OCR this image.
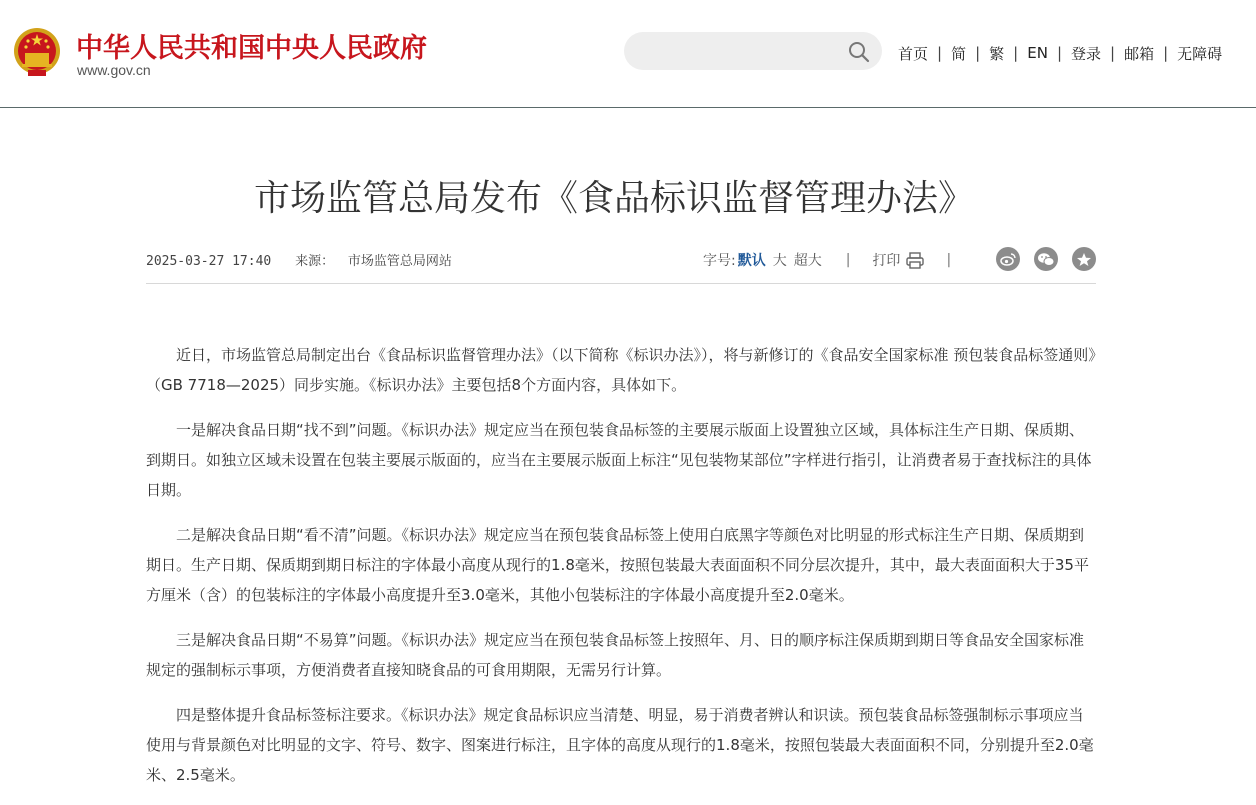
中华人民共和国中央人民政府
www.gov.cn
首页 | 简 | 繁 | EN | 登录 | 邮箱 | 无障碍
市场监管总局发布《食品标识监督管理办法》
2025-03-27 17:40 来源： 市场监管总局网站	字号: 默认 大 超大 | 打印	|

近日，市场监管总局制定出台《食品标识监督管理办法》（以下简称《标识办法》），将与新修订的《食品安全国家标准 预包装食品标签通则》（GB 7718—2025）同步实施。《标识办法》主要包括8个方面内容，具体如下。

一是解决食品日期“找不到”问题。《标识办法》规定应当在预包装食品标签的主要展示版面上设置独立区域，具体标注生产日期、保质期、到期日。如独立区域未设置在包装主要展示版面的，应当在主要展示版面上标注“见包装物某部位”字样进行指引，让消费者易于查找标注的具体日期。

二是解决食品日期“看不清”问题。《标识办法》规定应当在预包装食品标签上使用白底黑字等颜色对比明显的形式标注生产日期、保质期到期日。生产日期、保质期到期日标注的字体最小高度从现行的1.8毫米，按照包装最大表面面积不同分层次提升，其中，最大表面面积大于35平方厘米（含）的包装标注的字体最小高度提升至3.0毫米，其他小包装标注的字体最小高度提升至2.0毫米。

三是解决食品日期“不易算”问题。《标识办法》规定应当在预包装食品标签上按照年、月、日的顺序标注保质期到期日等食品安全国家标准规定的强制标示事项，方便消费者直接知晓食品的可食用期限，无需另行计算。

四是整体提升食品标签标注要求。《标识办法》规定食品标识应当清楚、明显，易于消费者辨认和识读。预包装食品标签强制标示事项应当使用与背景颜色对比明显的文字、符号、数字、图案进行标注，且字体的高度从现行的1.8毫米，按照包装最大表面面积不同，分别提升至2.0毫米、2.5毫米。
